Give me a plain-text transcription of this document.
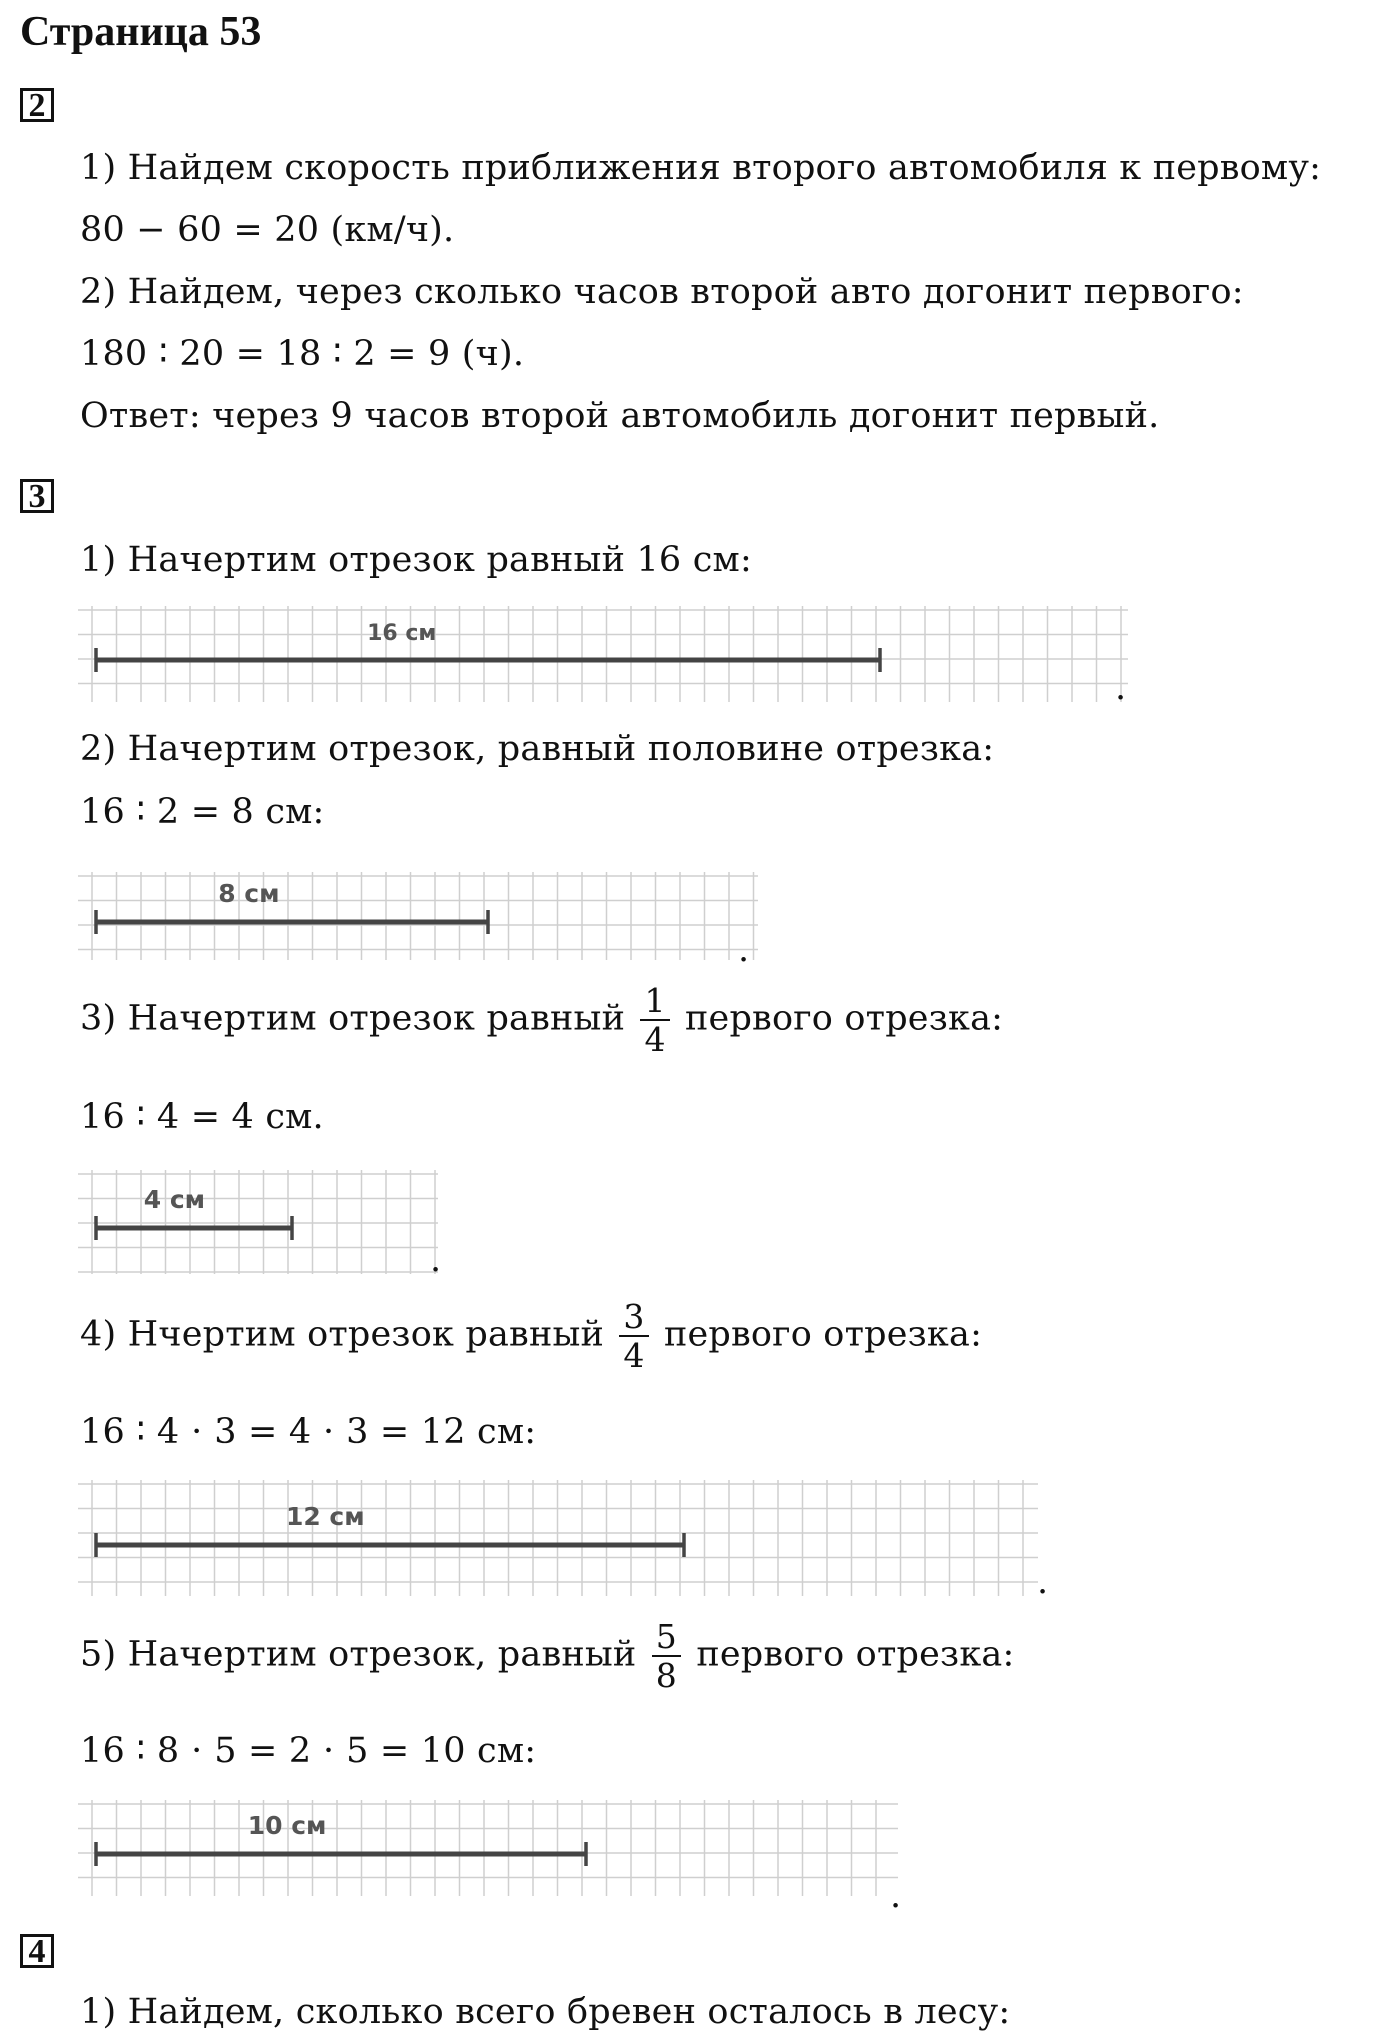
Страница 53
2
1) Найдем скорость приближения второго автомобиля к первому:
80 − 60 = 20 (км/ч).
2) Найдем, через сколько часов второй авто догонит первого:
180 ∶ 20 = 18 ∶ 2 = 9 (ч).
Ответ: через 9 часов второй автомобиль догонит первый.
3
1) Начертим отрезок равный 16 см:
16 см
.
2) Начертим отрезок, равный половине отрезка:
16 ∶ 2 = 8 см:
8 см
.
3) Начертим отрезок равный $\frac{1}{4}$ первого отрезка:
16 ∶ 4 = 4 см.
4 см
.
4) Нчертим отрезок равный $\frac{3}{4}$ первого отрезка:
16 ∶ 4 ⋅ 3 = 4 ⋅ 3 = 12 см:
12 см
.
5) Начертим отрезок, равный $\frac{5}{8}$ первого отрезка:
16 ∶ 8 ⋅ 5 = 2 ⋅ 5 = 10 см:
10 см
.
4
1) Найдем, сколько всего бревен осталось в лесу:
